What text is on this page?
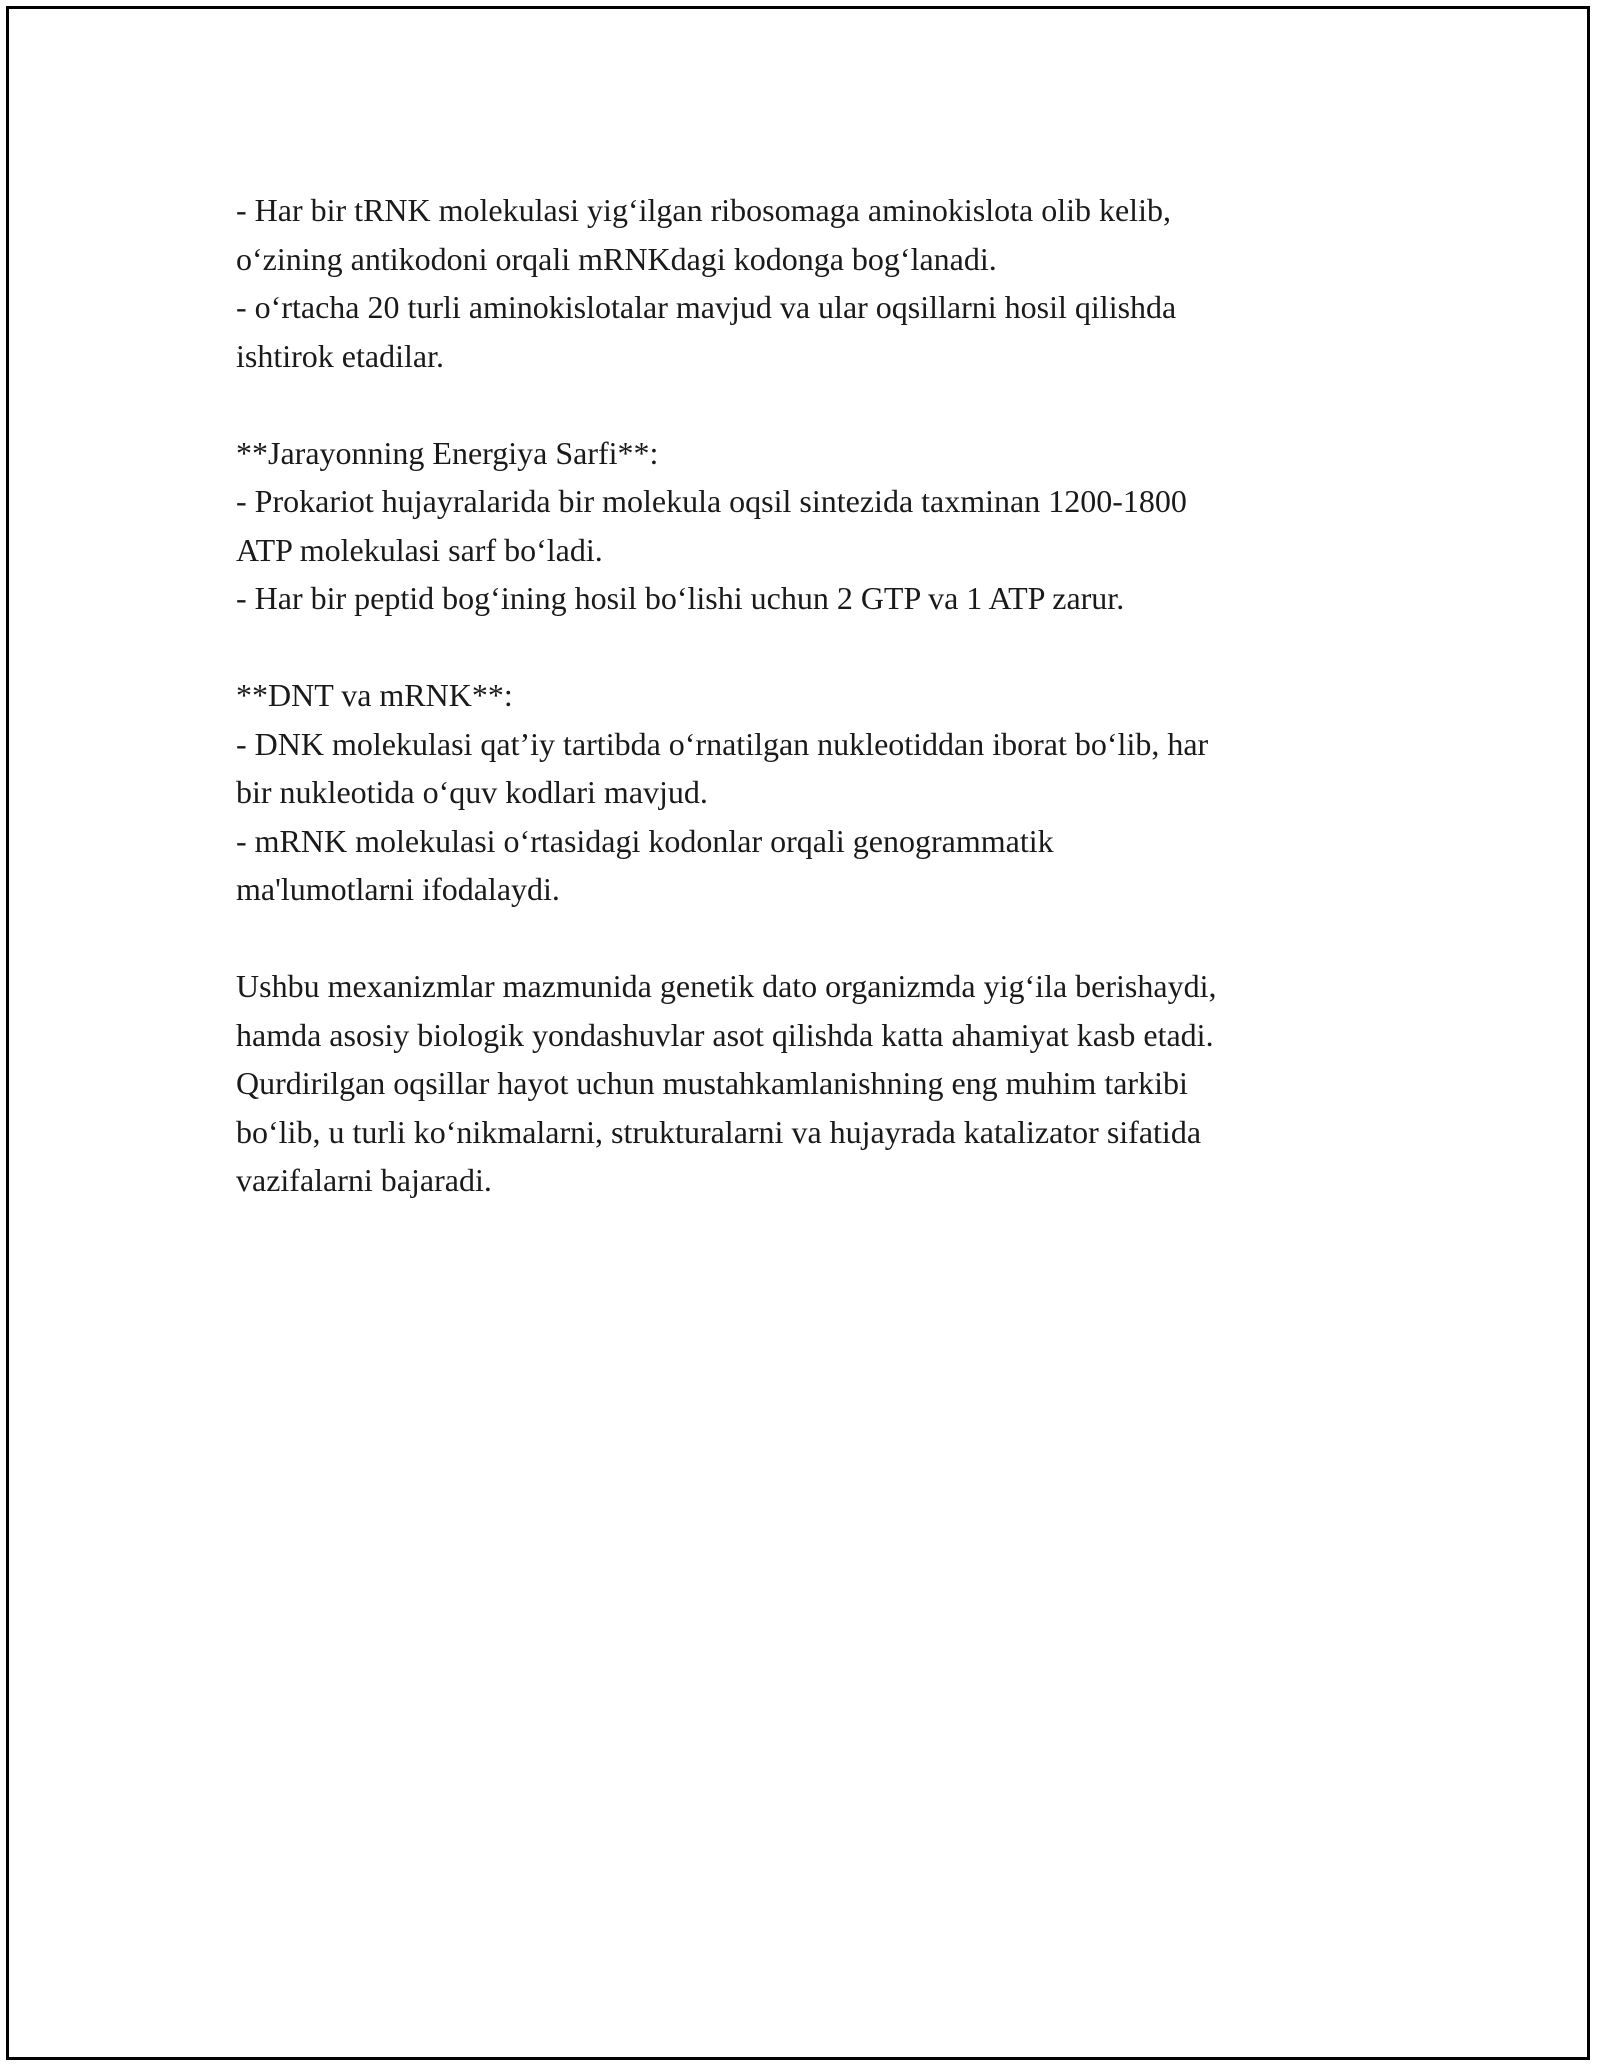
- Har bir tRNK molekulasi yig‘ilgan ribosomaga aminokislota olib kelib,
o‘zining antikodoni orqali mRNKdagi kodonga bog‘lanadi.
- o‘rtacha 20 turli aminokislotalar mavjud va ular oqsillarni hosil qilishda
ishtirok etadilar.
**Jarayonning Energiya Sarfi**:
- Prokariot hujayralarida bir molekula oqsil sintezida taxminan 1200-1800
ATP molekulasi sarf bo‘ladi.
- Har bir peptid bog‘ining hosil bo‘lishi uchun 2 GTP va 1 ATP zarur.
**DNT va mRNK**:
- DNK molekulasi qat’iy tartibda o‘rnatilgan nukleotiddan iborat bo‘lib, har
bir nukleotida o‘quv kodlari mavjud.
- mRNK molekulasi o‘rtasidagi kodonlar orqali genogrammatik
ma'lumotlarni ifodalaydi.
Ushbu mexanizmlar mazmunida genetik dato organizmda yig‘ila berishaydi,
hamda asosiy biologik yondashuvlar asot qilishda katta ahamiyat kasb etadi.
Qurdirilgan oqsillar hayot uchun mustahkamlanishning eng muhim tarkibi
bo‘lib, u turli ko‘nikmalarni, strukturalarni va hujayrada katalizator sifatida
vazifalarni bajaradi.
